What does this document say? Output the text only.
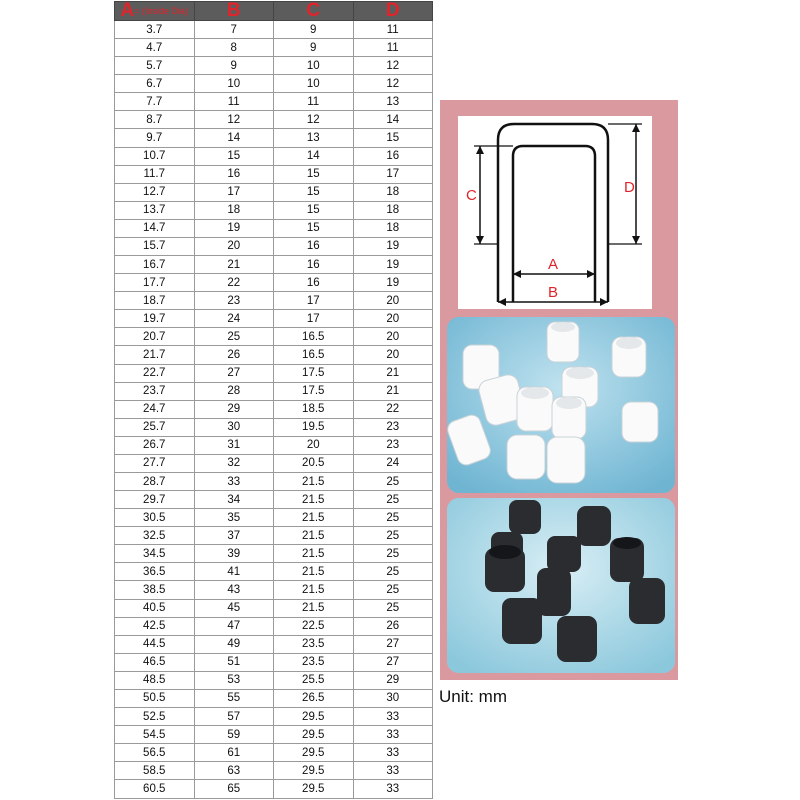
A= (Inside Dia)	B	C	D
3.7	7	9	11
4.7	8	9	11
5.7	9	10	12
6.7	10	10	12
7.7	11	11	13
8.7	12	12	14
9.7	14	13	15
10.7	15	14	16
11.7	16	15	17
12.7	17	15	18
13.7	18	15	18
14.7	19	15	18
15.7	20	16	19
16.7	21	16	19
17.7	22	16	19
18.7	23	17	20
19.7	24	17	20
20.7	25	16.5	20
21.7	26	16.5	20
22.7	27	17.5	21
23.7	28	17.5	21
24.7	29	18.5	22
25.7	30	19.5	23
26.7	31	20	23
27.7	32	20.5	24
28.7	33	21.5	25
29.7	34	21.5	25
30.5	35	21.5	25
32.5	37	21.5	25
34.5	39	21.5	25
36.5	41	21.5	25
38.5	43	21.5	25
40.5	45	21.5	25
42.5	47	22.5	26
44.5	49	23.5	27
46.5	51	23.5	27
48.5	53	25.5	29
50.5	55	26.5	30
52.5	57	29.5	33
54.5	59	29.5	33
56.5	61	29.5	33
58.5	63	29.5	33
60.5	65	29.5	33
C	D
A
B
Unit: mm
